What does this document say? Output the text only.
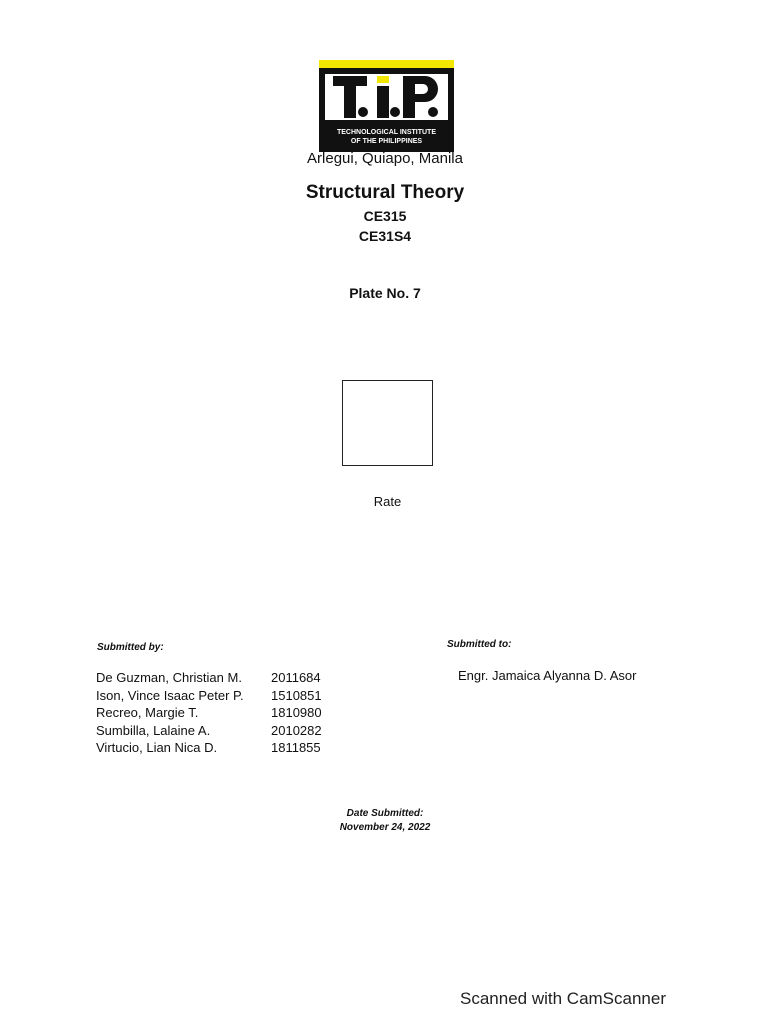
TECHNOLOGICAL INSTITUTE
OF THE PHILIPPINES
Arlegui, Quiapo, Manila
Structural Theory
CE315
CE31S4
Plate No. 7
Rate
Submitted by:	Submitted to:
De Guzman, Christian M.	2011684
Ison, Vince Isaac Peter P.	1510851
Recreo, Margie T.	1810980
Sumbilla, Lalaine A.	2010282
Virtucio, Lian Nica D.	1811855
Engr. Jamaica Alyanna D. Asor
Date Submitted:
November 24, 2022
Scanned with CamScanner
